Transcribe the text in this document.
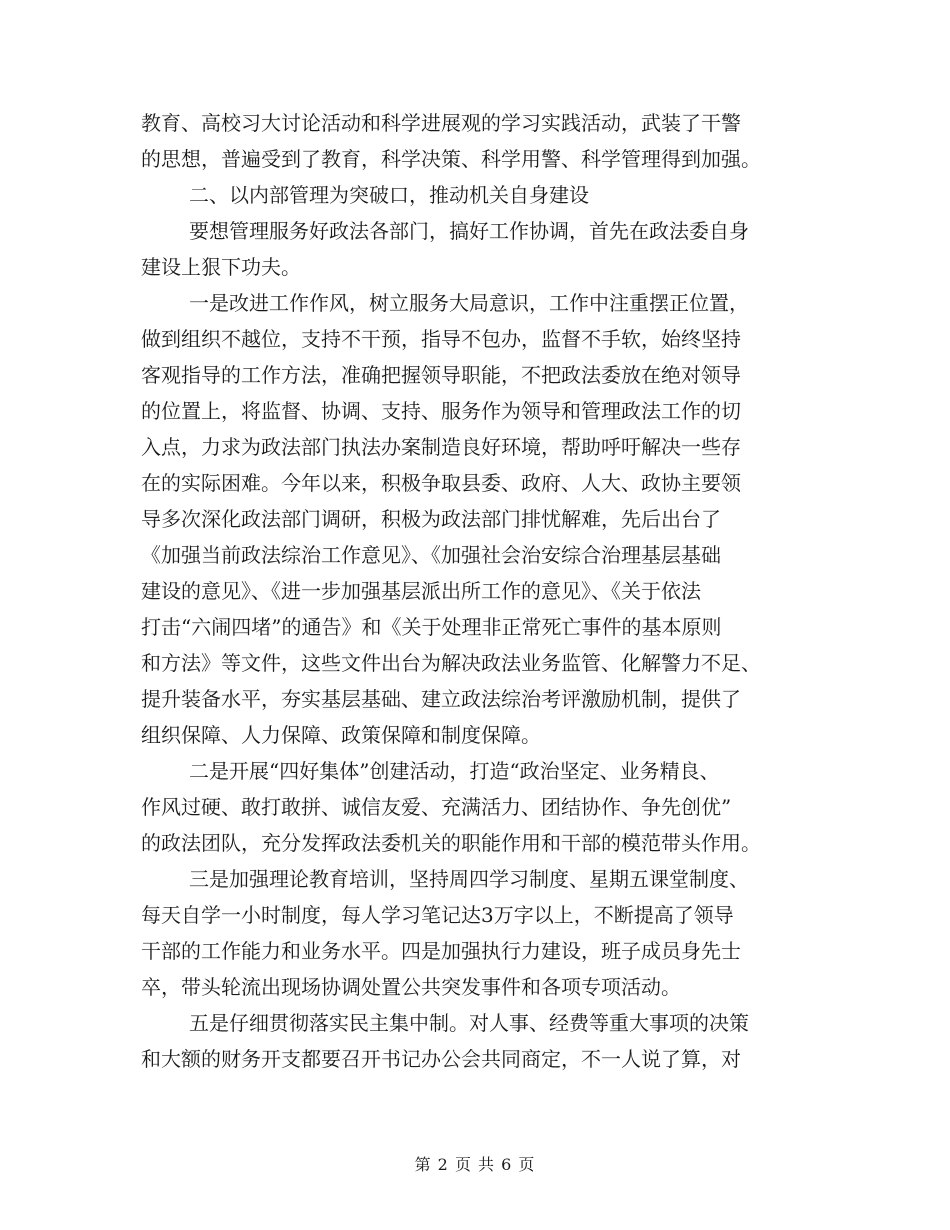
教育、高校习大讨论活动和科学进展观的学习实践活动，武装了干警
的思想，普遍受到了教育，科学决策、科学用警、科学管理得到加强。
二、以内部管理为突破口，推动机关自身建设
要想管理服务好政法各部门，搞好工作协调，首先在政法委自身
建设上狠下功夫。
一是改进工作作风，树立服务大局意识，工作中注重摆正位置，
做到组织不越位，支持不干预，指导不包办，监督不手软，始终坚持
客观指导的工作方法，准确把握领导职能，不把政法委放在绝对领导
的位置上，将监督、协调、支持、服务作为领导和管理政法工作的切
入点，力求为政法部门执法办案制造良好环境，帮助呼吁解决一些存
在的实际困难。今年以来，积极争取县委、政府、人大、政协主要领
导多次深化政法部门调研，积极为政法部门排忧解难，先后出台了
《加强当前政法综治工作意见》、《加强社会治安综合治理基层基础
建设的意见》、《进一步加强基层派出所工作的意见》、《关于依法
打击“六闹四堵”的通告》和《关于处理非正常死亡事件的基本原则
和方法》等文件，这些文件出台为解决政法业务监管、化解警力不足、
提升装备水平，夯实基层基础、建立政法综治考评激励机制，提供了
组织保障、人力保障、政策保障和制度保障。
二是开展“四好集体”创建活动，打造“政治坚定、业务精良、
作风过硬、敢打敢拼、诚信友爱、充满活力、团结协作、争先创优”
的政法团队，充分发挥政法委机关的职能作用和干部的模范带头作用。
三是加强理论教育培训，坚持周四学习制度、星期五课堂制度、
每天自学一小时制度，每人学习笔记达3万字以上，不断提高了领导
干部的工作能力和业务水平。四是加强执行力建设，班子成员身先士
卒，带头轮流出现场协调处置公共突发事件和各项专项活动。
五是仔细贯彻落实民主集中制。对人事、经费等重大事项的决策
和大额的财务开支都要召开书记办公会共同商定，不一人说了算，对
第 2 页 共 6 页
